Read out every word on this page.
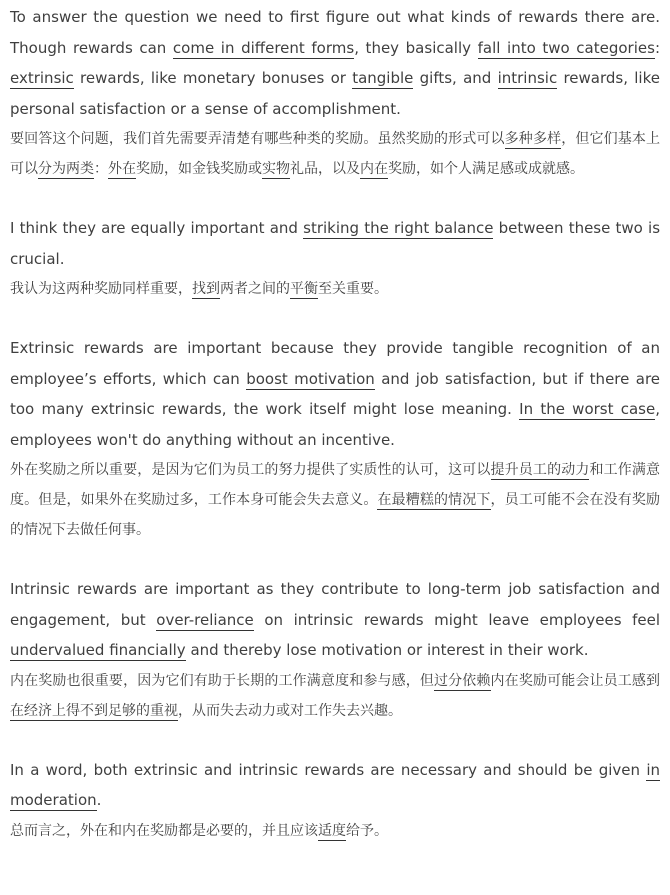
To answer the question we need to first figure out what kinds of rewards there are. Though rewards can come in different forms, they basically fall into two categories: extrinsic rewards, like monetary bonuses or tangible gifts, and intrinsic rewards, like personal satisfaction or a sense of accomplishment.

要回答这个问题，我们首先需要弄清楚有哪些种类的奖励。虽然奖励的形式可以多种多样，但它们基本上可以分为两类：外在奖励，如金钱奖励或实物礼品，以及内在奖励，如个人满足感或成就感。

I think they are equally important and striking the right balance between these two is crucial.

我认为这两种奖励同样重要，找到两者之间的平衡至关重要。

Extrinsic rewards are important because they provide tangible recognition of an employee’s efforts, which can boost motivation and job satisfaction, but if there are too many extrinsic rewards, the work itself might lose meaning. In the worst case, employees won't do anything without an incentive.

外在奖励之所以重要，是因为它们为员工的努力提供了实质性的认可，这可以提升员工的动力和工作满意度。但是，如果外在奖励过多，工作本身可能会失去意义。在最糟糕的情况下，员工可能不会在没有奖励的情况下去做任何事。

Intrinsic rewards are important as they contribute to long-term job satisfaction and engagement, but over-reliance on intrinsic rewards might leave employees feel undervalued financially and thereby lose motivation or interest in their work.

内在奖励也很重要，因为它们有助于长期的工作满意度和参与感，但过分依赖内在奖励可能会让员工感到在经济上得不到足够的重视，从而失去动力或对工作失去兴趣。

In a word, both extrinsic and intrinsic rewards are necessary and should be given in moderation.

总而言之，外在和内在奖励都是必要的，并且应该适度给予。
